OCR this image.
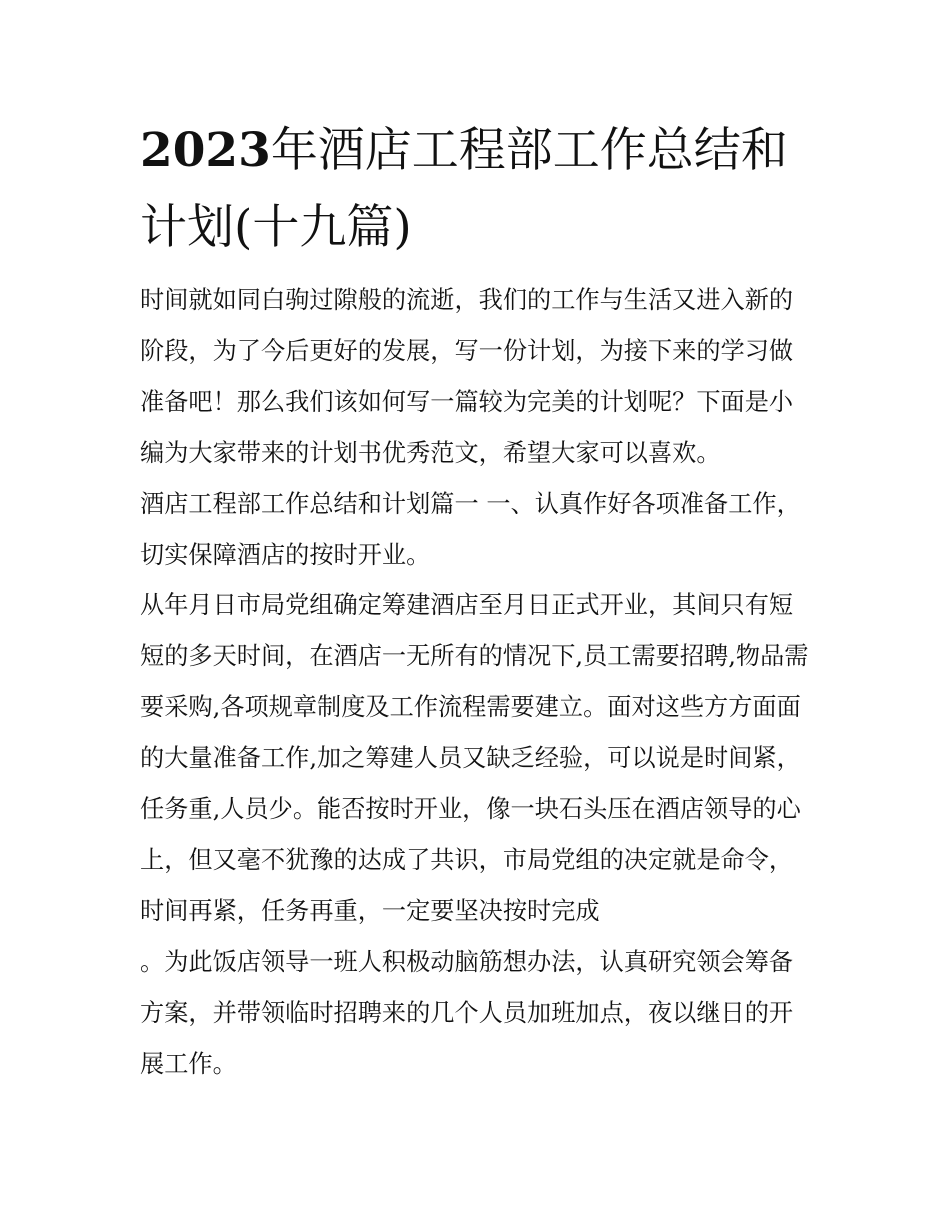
2023年酒店工程部工作总结和计划(十九篇)

时间就如同白驹过隙般的流逝，我们的工作与生活又进入新的阶段，为了今后更好的发展，写一份计划，为接下来的学习做准备吧！那么我们该如何写一篇较为完美的计划呢？下面是小编为大家带来的计划书优秀范文，希望大家可以喜欢。

酒店工程部工作总结和计划篇一 一、认真作好各项准备工作，切实保障酒店的按时开业。

从年月日市局党组确定筹建酒店至月日正式开业，其间只有短短的多天时间，在酒店一无所有的情况下,员工需要招聘,物品需要采购,各项规章制度及工作流程需要建立。面对这些方方面面的大量准备工作,加之筹建人员又缺乏经验，可以说是时间紧，任务重,人员少。能否按时开业，像一块石头压在酒店领导的心上，但又毫不犹豫的达成了共识，市局党组的决定就是命令，时间再紧，任务再重，一定要坚决按时完成

。为此饭店领导一班人积极动脑筋想办法，认真研究领会筹备方案，并带领临时招聘来的几个人员加班加点，夜以继日的开展工作。
